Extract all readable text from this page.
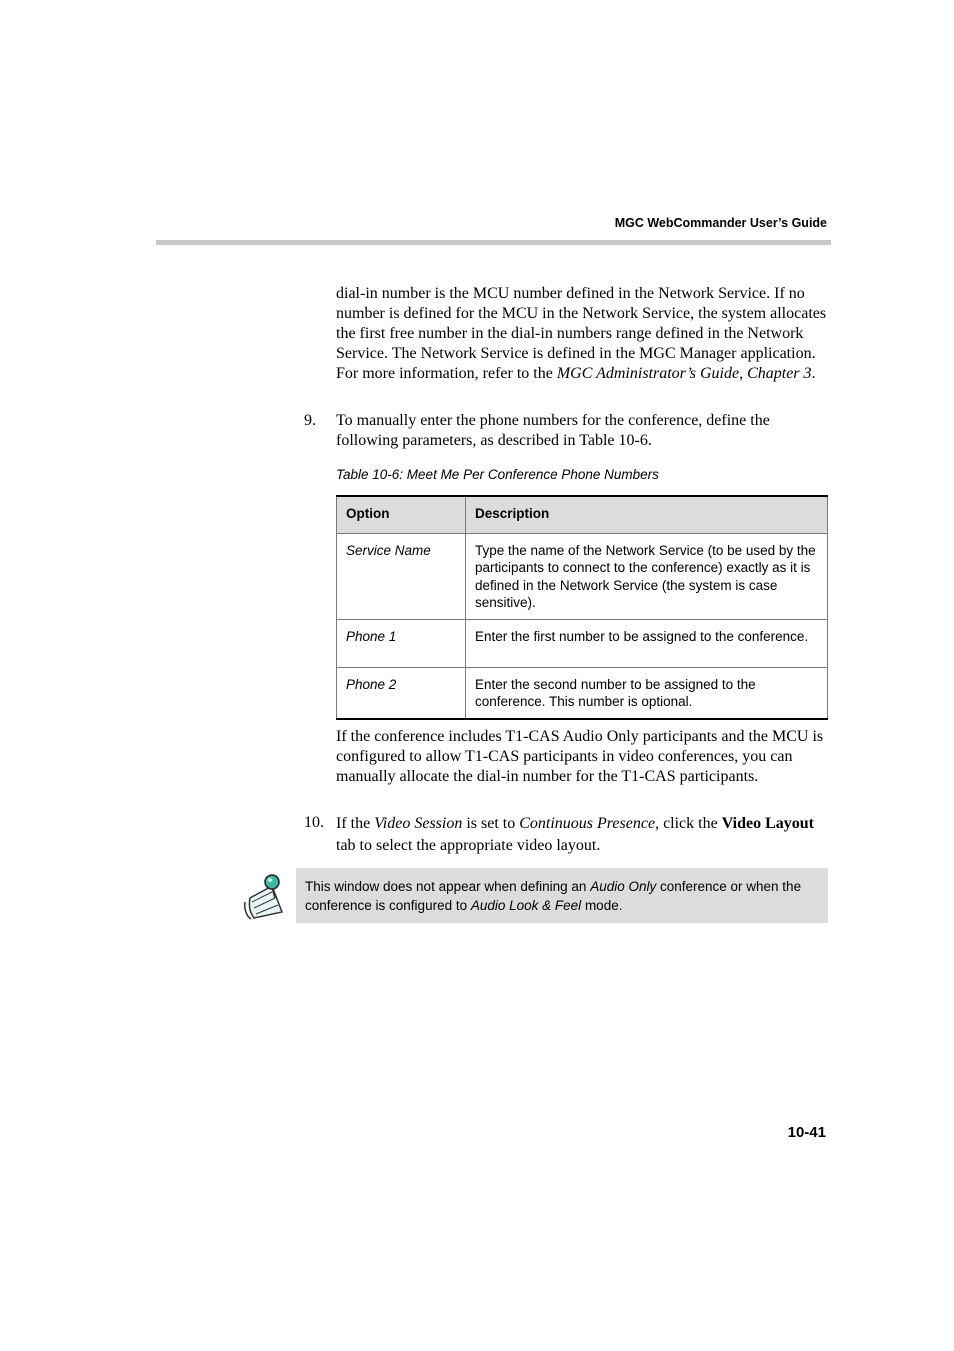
MGC WebCommander User’s Guide
dial-in number is the MCU number defined in the Network Service. If no number is defined for the MCU in the Network Service, the system allocates the first free number in the dial-in numbers range defined in the Network Service. The Network Service is defined in the MGC Manager application. For more information, refer to the MGC Administrator’s Guide, Chapter 3.
9. To manually enter the phone numbers for the conference, define the following parameters, as described in Table 10-6.
Table 10-6: Meet Me Per Conference Phone Numbers
Option	Description
Service Name	Type the name of the Network Service (to be used by the participants to connect to the conference) exactly as it is defined in the Network Service (the system is case sensitive).
Phone 1	Enter the first number to be assigned to the conference.
Phone 2	Enter the second number to be assigned to the conference. This number is optional.
If the conference includes T1-CAS Audio Only participants and the MCU is configured to allow T1-CAS participants in video conferences, you can manually allocate the dial-in number for the T1-CAS participants.
10. If the Video Session is set to Continuous Presence, click the Video Layout tab to select the appropriate video layout.
This window does not appear when defining an Audio Only conference or when the conference is configured to Audio Look & Feel mode.
10-41
